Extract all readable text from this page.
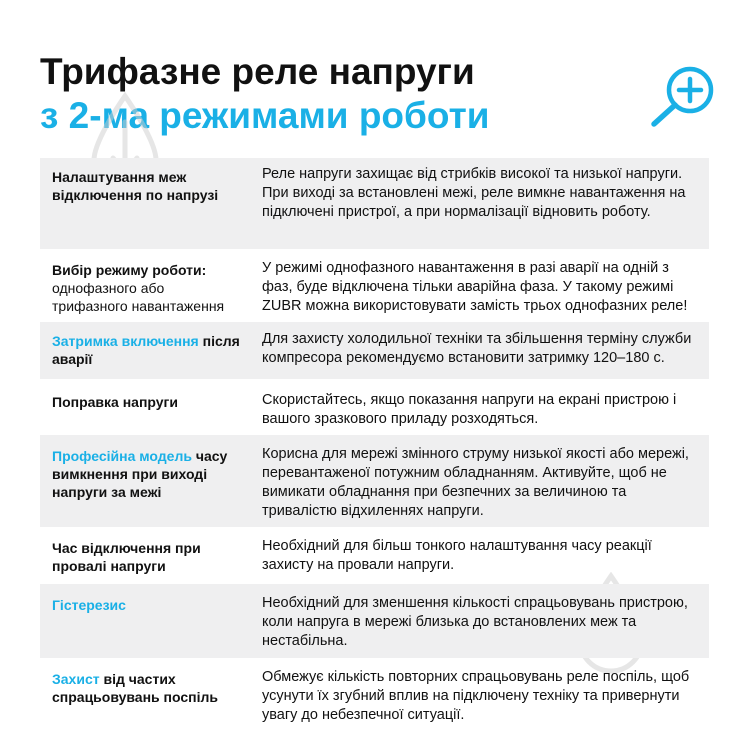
Трифазне реле напруги
з 2-ма режимами роботи
Налаштування меж відключення по напрузі
Реле напруги захищає від стрибків високої та низької напруги. При виході за встановлені межі, реле вимкне навантаження на підключені пристрої, а при нормалізації відновить роботу.
Вибір режиму роботи: однофазного або трифазного навантаження
У режимі однофазного навантаження в разі аварії на одній з фаз, буде відключена тільки аварійна фаза. У такому режимі ZUBR можна використовувати замість трьох однофазних реле!
Затримка включення після аварії
Для захисту холодильної техніки та збільшення терміну служби компресора рекомендуємо встановити затримку 120–180 с.
Поправка напруги	Скористайтесь, якщо показання напруги на екрані пристрою і вашого зразкового приладу розходяться.
Професійна модель часу вимкнення при виході напруги за межі
Корисна для мережі змінного струму низької якості або мережі, перевантаженої потужним обладнанням. Активуйте, щоб не вимикати обладнання при безпечних за величиною та тривалістю відхиленнях напруги.
Час відключення при провалі напруги
Необхідний для більш тонкого налаштування часу реакції захисту на провали напруги.
Гістерезис	Необхідний для зменшення кількості спрацьовувань пристрою, коли напруга в мережі близька до встановлених меж та нестабільна.
Захист від частих спрацьовувань поспіль
Обмежує кількість повторних спрацьовувань реле поспіль, щоб усунути їх згубний вплив на підключену техніку та привернути увагу до небезпечної ситуації.
